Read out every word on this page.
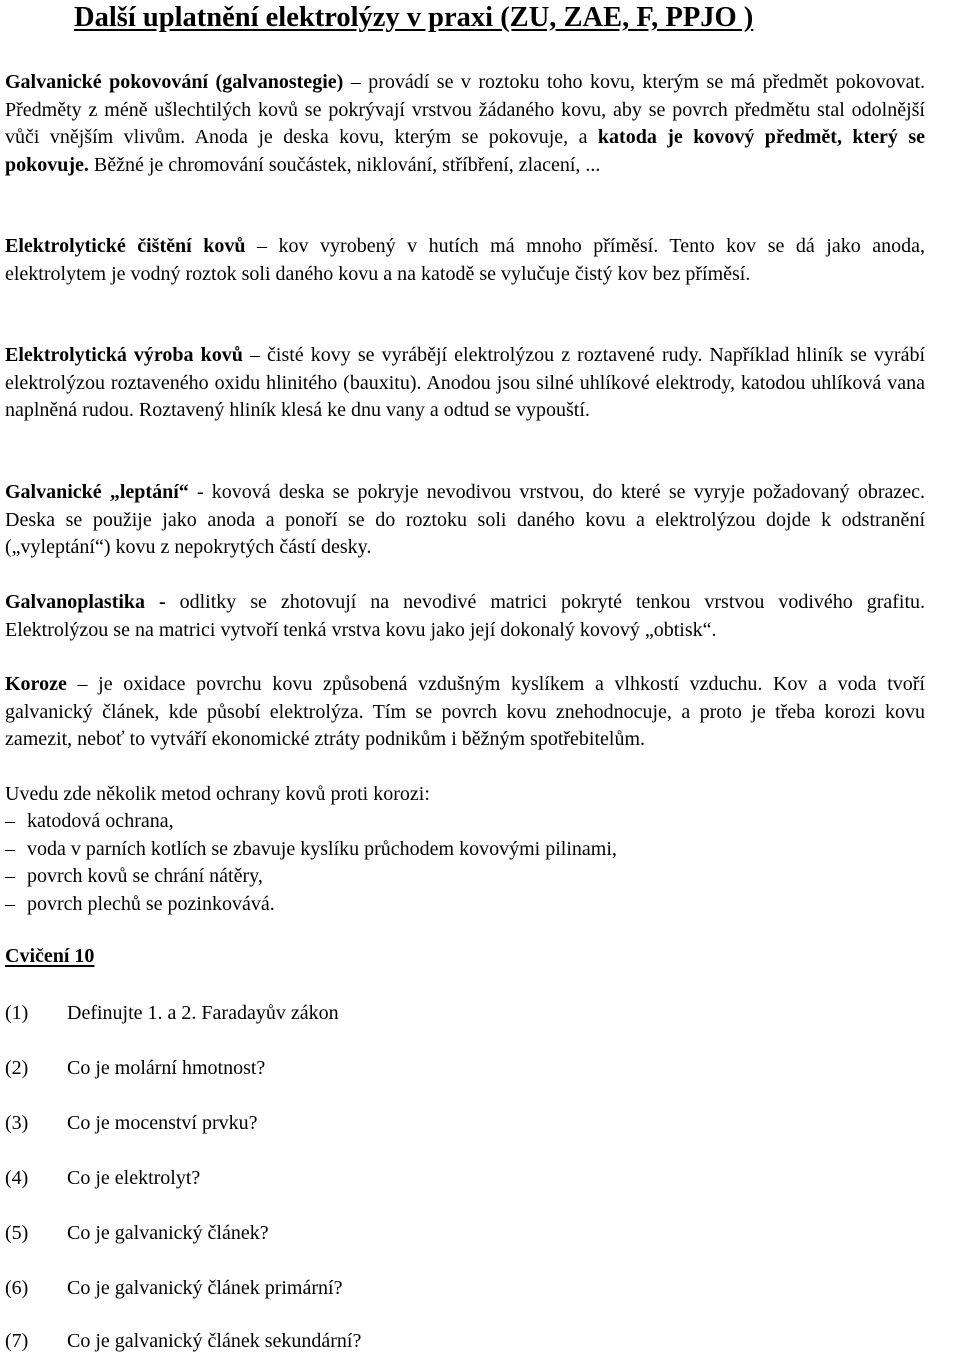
Další uplatnění elektrolýzy v praxi (ZU, ZAE, F, PPJO )

Galvanické pokovování (galvanostegie) – provádí se v roztoku toho kovu, kterým se má předmět pokovovat. Předměty z méně ušlechtilých kovů se pokrývají vrstvou žádaného kovu, aby se povrch předmětu stal odolnější vůči vnějším vlivům. Anoda je deska kovu, kterým se pokovuje, a katoda je kovový předmět, který se pokovuje. Běžné je chromování součástek, niklování, stříbření, zlacení, ...

Elektrolytické čištění kovů – kov vyrobený v hutích má mnoho příměsí. Tento kov se dá jako anoda, elektrolytem je vodný roztok soli daného kovu a na katodě se vylučuje čistý kov bez příměsí.

Elektrolytická výroba kovů – čisté kovy se vyrábějí elektrolýzou z roztavené rudy. Například hliník se vyrábí elektrolýzou roztaveného oxidu hlinitého (bauxitu). Anodou jsou silné uhlíkové elektrody, katodou uhlíková vana naplněná rudou. Roztavený hliník klesá ke dnu vany a odtud se vypouští.

Galvanické „leptání“ - kovová deska se pokryje nevodivou vrstvou, do které se vyryje požadovaný obrazec. Deska se použije jako anoda a ponoří se do roztoku soli daného kovu a elektrolýzou dojde k odstranění („vyleptání“) kovu z nepokrytých částí desky.

Galvanoplastika - odlitky se zhotovují na nevodivé matrici pokryté tenkou vrstvou vodivého grafitu. Elektrolýzou se na matrici vytvoří tenká vrstva kovu jako její dokonalý kovový „obtisk“.

Koroze – je oxidace povrchu kovu způsobená vzdušným kyslíkem a vlhkostí vzduchu. Kov a voda tvoří galvanický článek, kde působí elektrolýza. Tím se povrch kovu znehodnocuje, a proto je třeba korozi kovu zamezit, neboť to vytváří ekonomické ztráty podnikům i běžným spotřebitelům.

Uvedu zde několik metod ochrany kovů proti korozi:
– katodová ochrana,
– voda v parních kotlích se zbavuje kyslíku průchodem kovovými pilinami,
– povrch kovů se chrání nátěry,
– povrch plechů se pozinkovává.
Cvičení 10
(1) Definujte 1. a 2. Faradayův zákon
(2) Co je molární hmotnost?
(3) Co je mocenství prvku?
(4) Co je elektrolyt?
(5) Co je galvanický článek?
(6) Co je galvanický článek primární?
(7) Co je galvanický článek sekundární?
